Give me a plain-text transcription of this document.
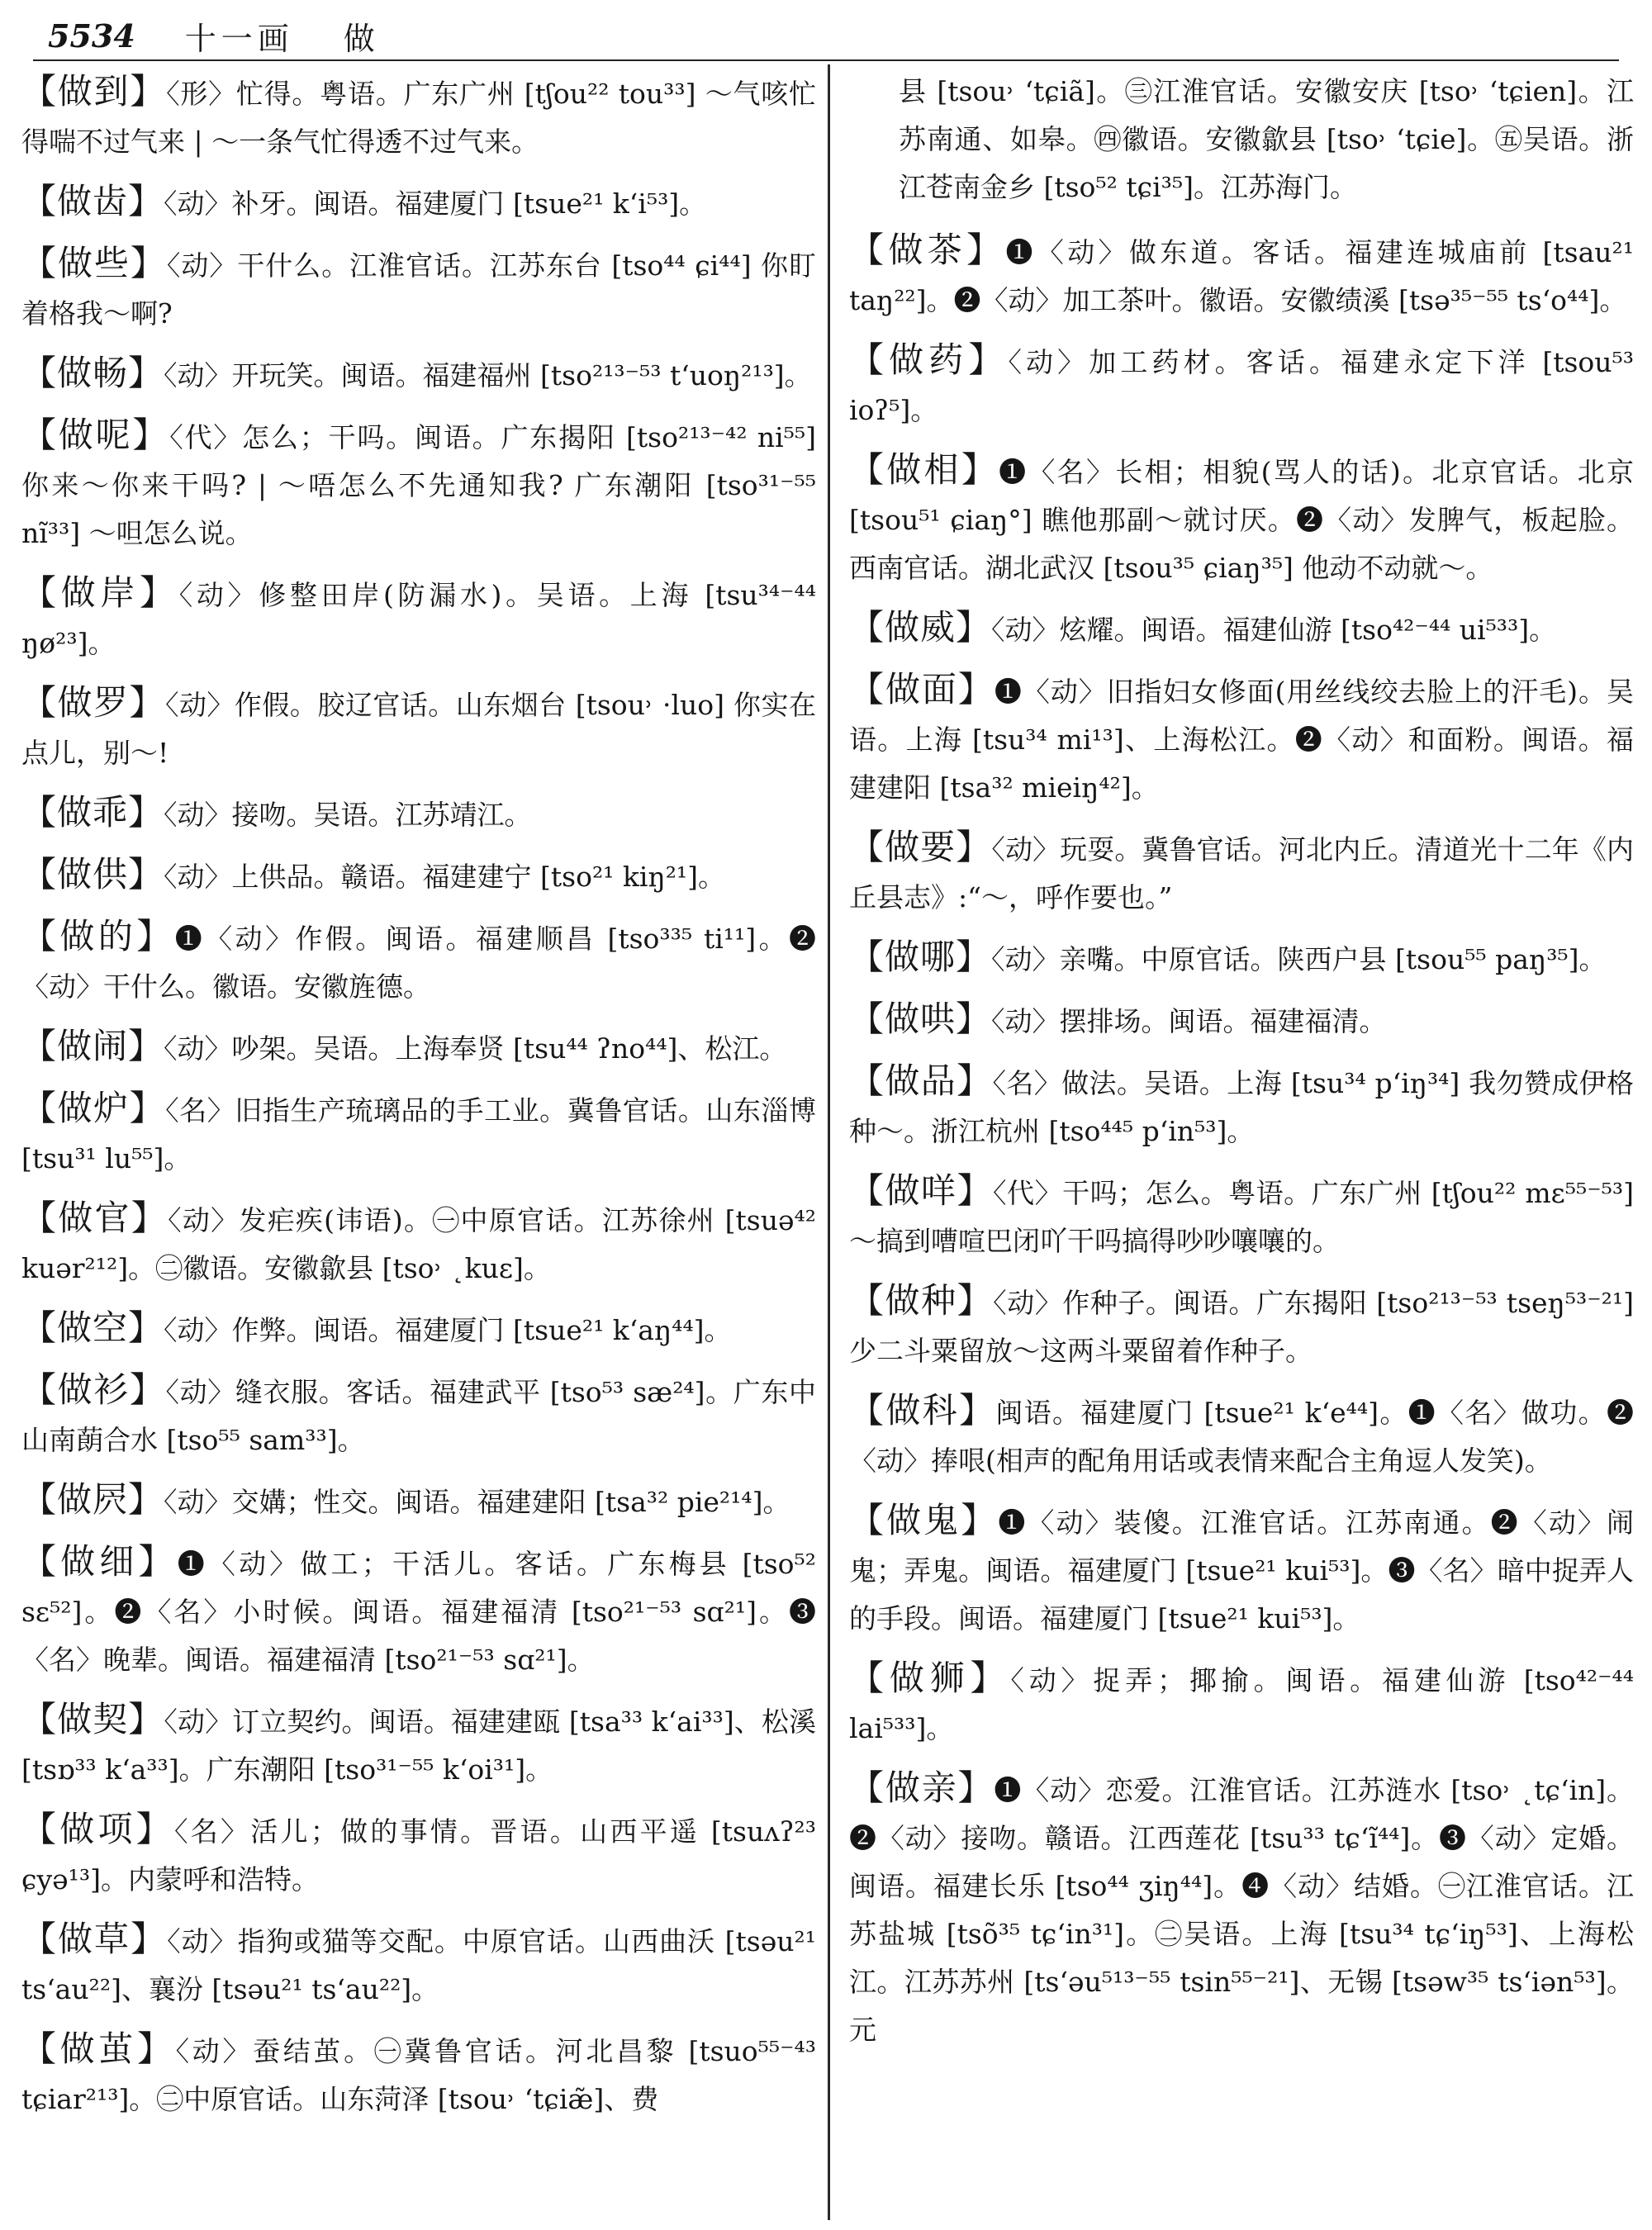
5534 十一画 做
【做到】〈形〉忙得。粤语。广东广州 [tʃou²² tou³³] ～气咳忙得喘不过气来 | ～一条气忙得透不过气来。
【做齿】〈动〉补牙。闽语。福建厦门 [tsue²¹ kʻi⁵³]。
【做些】〈动〉干什么。江淮官话。江苏东台 [tso⁴⁴ ɕi⁴⁴] 你盯着格我～啊?
【做畅】〈动〉开玩笑。闽语。福建福州 [tso²¹³⁻⁵³ tʻuoŋ²¹³]。
【做呢】〈代〉怎么；干吗。闽语。广东揭阳 [tso²¹³⁻⁴² ni⁵⁵] 你来～你来干吗? | ～唔怎么不先通知我? 广东潮阳 [tso³¹⁻⁵⁵ nĩ³³] ～呾怎么说。
【做岸】〈动〉修整田岸(防漏水)。吴语。上海 [tsu³⁴⁻⁴⁴ ŋø²³]。
【做罗】〈动〉作假。胶辽官话。山东烟台 [tsou˒ ·luo] 你实在点儿，别～!
【做乖】〈动〉接吻。吴语。江苏靖江。
【做供】〈动〉上供品。赣语。福建建宁 [tso²¹ kiŋ²¹]。
【做的】❶〈动〉作假。闽语。福建顺昌 [tso³³⁵ ti¹¹]。❷〈动〉干什么。徽语。安徽旌德。
【做闹】〈动〉吵架。吴语。上海奉贤 [tsu⁴⁴ ʔno⁴⁴]、松江。
【做炉】〈名〉旧指生产琉璃品的手工业。冀鲁官话。山东淄博 [tsu³¹ lu⁵⁵]。
【做官】〈动〉发疟疾(讳语)。㊀中原官话。江苏徐州 [tsuə⁴² kuər²¹²]。㊁徽语。安徽歙县 [tso˒ ˛kuɛ]。
【做空】〈动〉作弊。闽语。福建厦门 [tsue²¹ kʻaŋ⁴⁴]。
【做衫】〈动〉缝衣服。客话。福建武平 [tso⁵³ sæ²⁴]。广东中山南蓢合水 [tso⁵⁵ sam³³]。
【做屄】〈动〉交媾；性交。闽语。福建建阳 [tsa³² pie²¹⁴]。
【做细】❶〈动〉做工；干活儿。客话。广东梅县 [tso⁵² sɛ⁵²]。❷〈名〉小时候。闽语。福建福清 [tso²¹⁻⁵³ sɑ²¹]。❸〈名〉晚辈。闽语。福建福清 [tso²¹⁻⁵³ sɑ²¹]。
【做契】〈动〉订立契约。闽语。福建建瓯 [tsa³³ kʻai³³]、松溪 [tsɒ³³ kʻa³³]。广东潮阳 [tso³¹⁻⁵⁵ kʻoi³¹]。
【做项】〈名〉活儿；做的事情。晋语。山西平遥 [tsuʌʔ²³ ɕyə¹³]。内蒙呼和浩特。
【做草】〈动〉指狗或猫等交配。中原官话。山西曲沃 [tsəu²¹ tsʻau²²]、襄汾 [tsəu²¹ tsʻau²²]。
【做茧】〈动〉蚕结茧。㊀冀鲁官话。河北昌黎 [tsuo⁵⁵⁻⁴³ tɕiar²¹³]。㊁中原官话。山东菏泽 [tsou˒ ʻtɕiæ̃]、费
县 [tsou˒ ʻtɕiã]。㊂江淮官话。安徽安庆 [tso˒ ʻtɕien]。江苏南通、如皋。㊃徽语。安徽歙县 [tso˒ ʻtɕie]。㊄吴语。浙江苍南金乡 [tso⁵² tɕi³⁵]。江苏海门。
【做茶】❶〈动〉做东道。客话。福建连城庙前 [tsau²¹ taŋ²²]。❷〈动〉加工茶叶。徽语。安徽绩溪 [tsə³⁵⁻⁵⁵ tsʻo⁴⁴]。
【做药】〈动〉加工药材。客话。福建永定下洋 [tsou⁵³ ioʔ⁵]。
【做相】❶〈名〉长相；相貌(骂人的话)。北京官话。北京 [tsou⁵¹ ɕiaŋ°] 瞧他那副～就讨厌。❷〈动〉发脾气，板起脸。西南官话。湖北武汉 [tsou³⁵ ɕiaŋ³⁵] 他动不动就～。
【做威】〈动〉炫耀。闽语。福建仙游 [tso⁴²⁻⁴⁴ ui⁵³³]。
【做面】❶〈动〉旧指妇女修面(用丝线绞去脸上的汗毛)。吴语。上海 [tsu³⁴ mi¹³]、上海松江。❷〈动〉和面粉。闽语。福建建阳 [tsa³² mieiŋ⁴²]。
【做要】〈动〉玩耍。冀鲁官话。河北内丘。清道光十二年《内丘县志》:“～，呼作要也。”
【做哪】〈动〉亲嘴。中原官话。陕西户县 [tsou⁵⁵ paŋ³⁵]。
【做哄】〈动〉摆排场。闽语。福建福清。
【做品】〈名〉做法。吴语。上海 [tsu³⁴ pʻiŋ³⁴] 我勿赞成伊格种～。浙江杭州 [tso⁴⁴⁵ pʻin⁵³]。
【做咩】〈代〉干吗；怎么。粤语。广东广州 [tʃou²² mɛ⁵⁵⁻⁵³] ～搞到嘈喧巴闭吖干吗搞得吵吵嚷嚷的。
【做种】〈动〉作种子。闽语。广东揭阳 [tso²¹³⁻⁵³ tseŋ⁵³⁻²¹] 少二斗粟留放～这两斗粟留着作种子。
【做科】闽语。福建厦门 [tsue²¹ kʻe⁴⁴]。❶〈名〉做功。❷〈动〉捧哏(相声的配角用话或表情来配合主角逗人发笑)。
【做鬼】❶〈动〉装傻。江淮官话。江苏南通。❷〈动〉闹鬼；弄鬼。闽语。福建厦门 [tsue²¹ kui⁵³]。❸〈名〉暗中捉弄人的手段。闽语。福建厦门 [tsue²¹ kui⁵³]。
【做狮】〈动〉捉弄；揶揄。闽语。福建仙游 [tso⁴²⁻⁴⁴ lai⁵³³]。
【做亲】❶〈动〉恋爱。江淮官话。江苏涟水 [tso˒ ˛tɕʻin]。❷〈动〉接吻。赣语。江西莲花 [tsu³³ tɕʻĩ⁴⁴]。❸〈动〉定婚。闽语。福建长乐 [tso⁴⁴ ʒiŋ⁴⁴]。❹〈动〉结婚。㊀江淮官话。江苏盐城 [tsõ³⁵ tɕʻin³¹]。㊁吴语。上海 [tsu³⁴ tɕʻiŋ⁵³]、上海松江。江苏苏州 [tsʻəu⁵¹³⁻⁵⁵ tsin⁵⁵⁻²¹]、无锡 [tsəw³⁵ tsʻiən⁵³]。元
